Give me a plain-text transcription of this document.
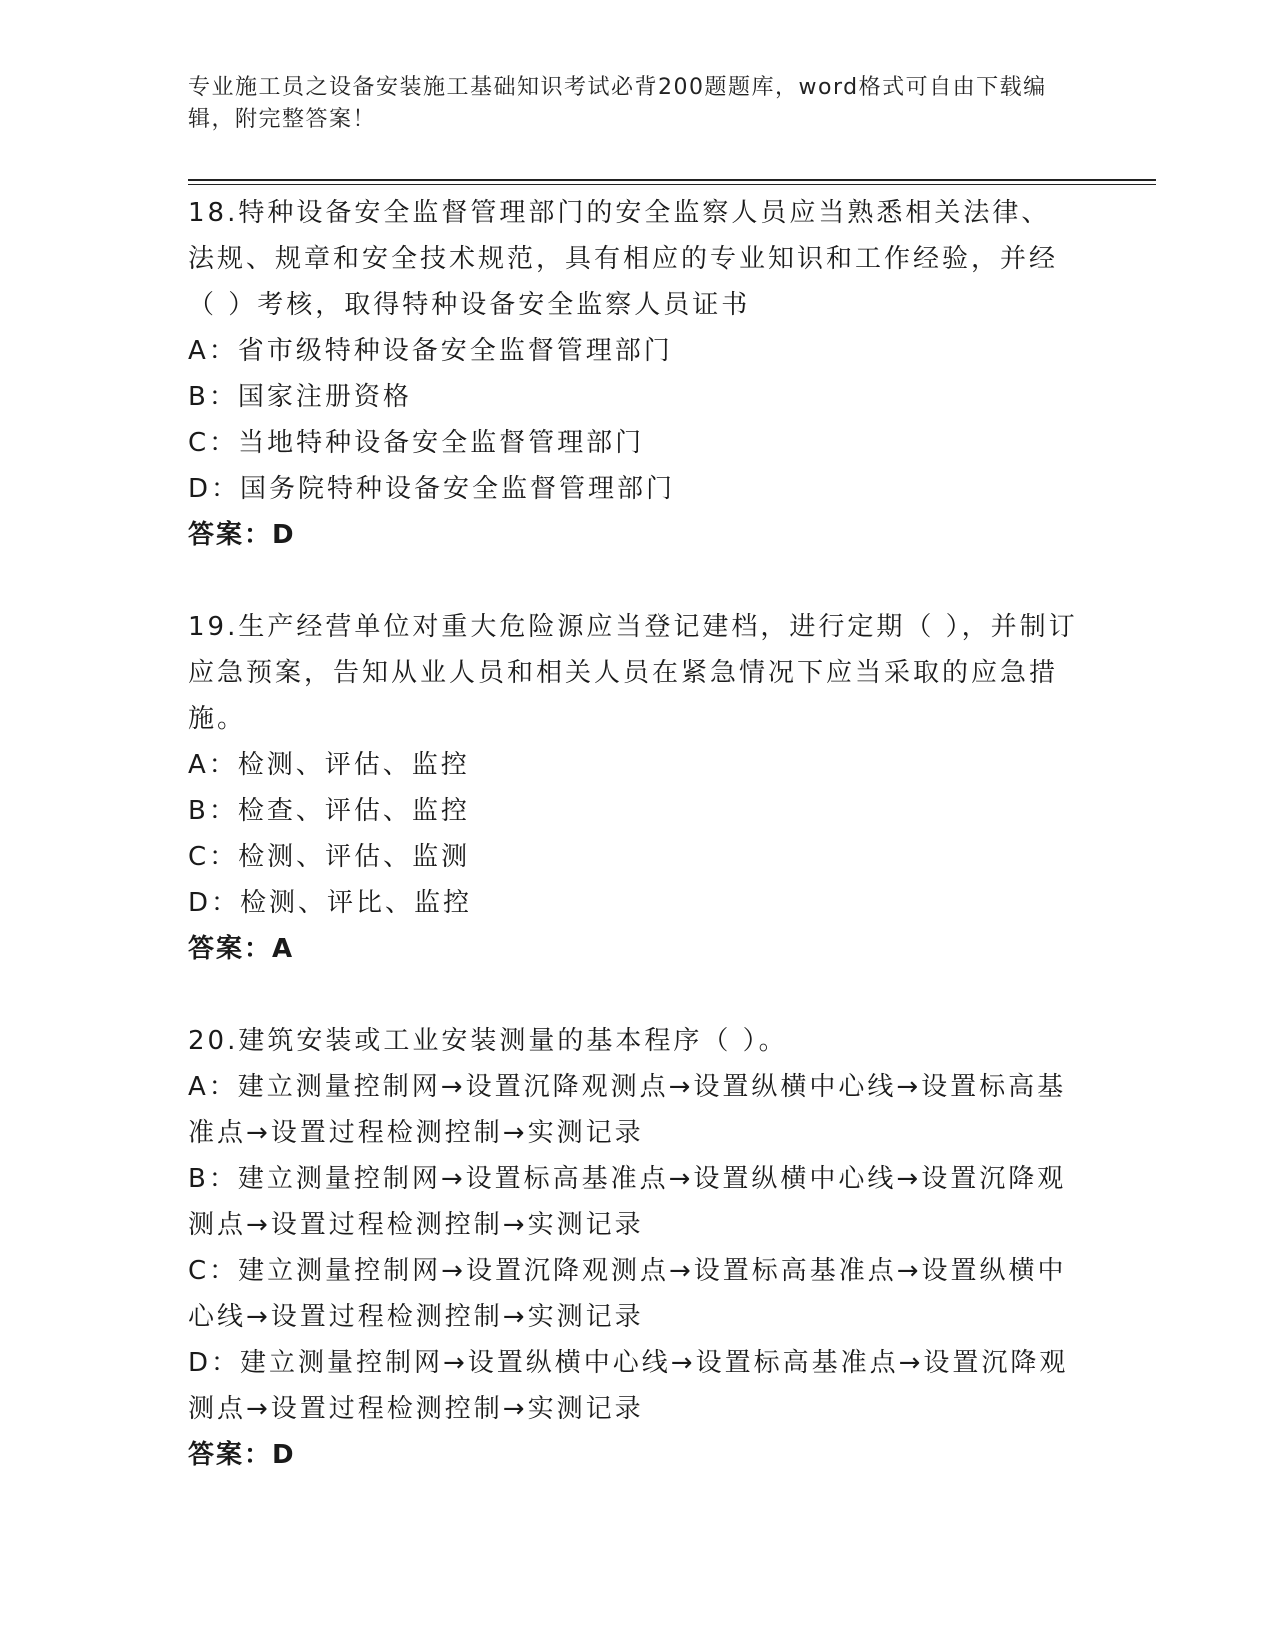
专业施工员之设备安装施工基础知识考试必背200题题库，word格式可自由下载编辑，附完整答案！
18.特种设备安全监督管理部门的安全监察人员应当熟悉相关法律、法规、规章和安全技术规范，具有相应的专业知识和工作经验，并经（ ）考核，取得特种设备安全监察人员证书
A：省市级特种设备安全监督管理部门
B：国家注册资格
C：当地特种设备安全监督管理部门
D：国务院特种设备安全监督管理部门
答案：D
19.生产经营单位对重大危险源应当登记建档，进行定期（ ），并制订应急预案，告知从业人员和相关人员在紧急情况下应当采取的应急措施。
A：检测、评估、监控
B：检查、评估、监控
C：检测、评估、监测
D：检测、评比、监控
答案：A
20.建筑安装或工业安装测量的基本程序（ ）。
A：建立测量控制网→设置沉降观测点→设置纵横中心线→设置标高基准点→设置过程检测控制→实测记录
B：建立测量控制网→设置标高基准点→设置纵横中心线→设置沉降观测点→设置过程检测控制→实测记录
C：建立测量控制网→设置沉降观测点→设置标高基准点→设置纵横中心线→设置过程检测控制→实测记录
D：建立测量控制网→设置纵横中心线→设置标高基准点→设置沉降观测点→设置过程检测控制→实测记录
答案：D
